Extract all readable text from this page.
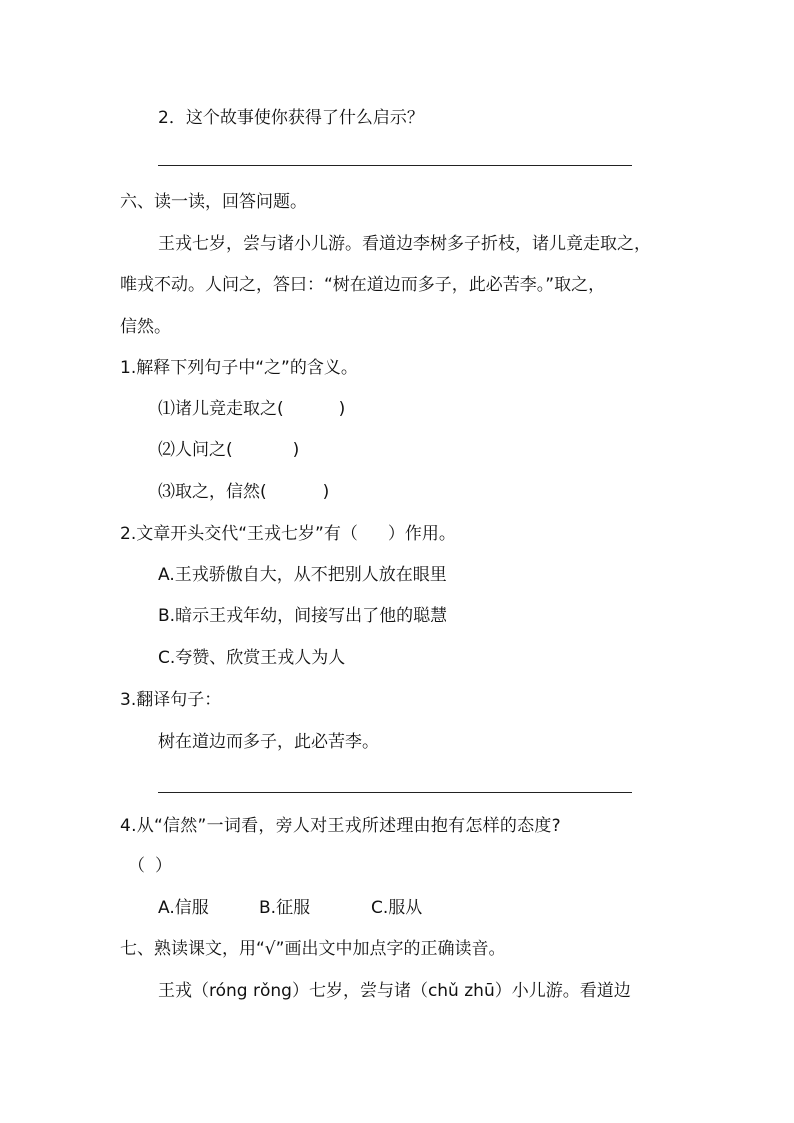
2．这个故事使你获得了什么启示？
六、读一读，回答问题。
王戎七岁，尝与诸小儿游。看道边李树多子折枝，诸儿竟走取之，
唯戎不动。人问之，答曰：“树在道边而多子，此必苦李。”取之，
信然。
1.解释下列句子中“之”的含义。
⑴诸儿竞走取之(	)
⑵人问之(	)
⑶取之，信然(	)
2.文章开头交代“王戎七岁”有（ ）作用。
A.王戎骄傲自大，从不把别人放在眼里
B.暗示王戎年幼，间接写出了他的聪慧
C.夸赞、欣赏王戎人为人
3.翻译句子：
树在道边而多子，此必苦李。
4.从“信然”一词看，旁人对王戎所述理由抱有怎样的态度?
（ ）
A.信服	B.征服	C.服从
七、熟读课文，用“√”画出文中加点字的正确读音。
王戎（róng rǒng）七岁，尝与诸（chǔ zhū）小儿游。看道边
